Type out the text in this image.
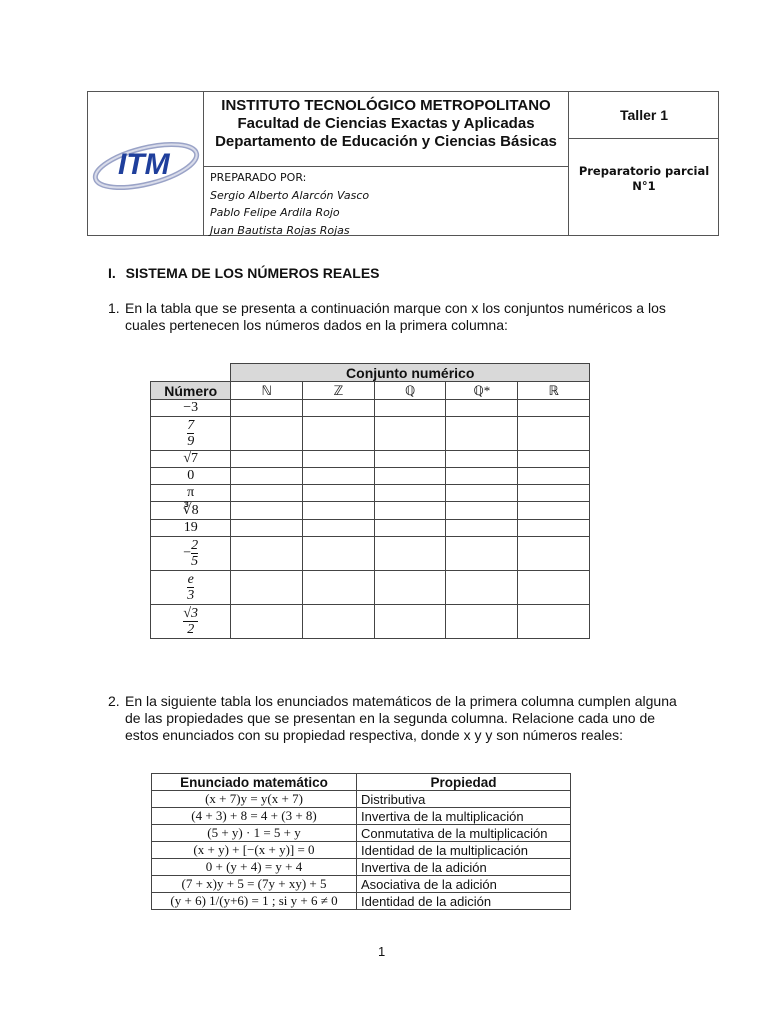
ITM
INSTITUTO TECNOLÓGICO METROPOLITANO
Facultad de Ciencias Exactas y Aplicadas
Departamento de Educación y Ciencias Básicas
PREPARADO POR:
Sergio Alberto Alarcón Vasco
Pablo Felipe Ardila Rojo
Juan Bautista Rojas Rojas
Taller 1
Preparatorio parcial
N°1
I. SISTEMA DE LOS NÚMEROS REALES
1. En la tabla que se presenta a continuación marque con x los conjuntos numéricos a los
cuales pertenecen los números dados en la primera columna:
	Conjunto numérico				
Número	ℕ	ℤ	ℚ	ℚ*	ℝ
−3					

$\frac{7}{9}$

√7					
0					
π					
∛8					
19					
− $\frac{2}{5}$

$\frac{e}{3}$

$\frac{√3}{2}$

2. En la siguiente tabla los enunciados matemáticos de la primera columna cumplen alguna
de las propiedades que se presentan en la segunda columna. Relacione cada uno de
estos enunciados con su propiedad respectiva, donde x y y son números reales:
Enunciado matemático	Propiedad
(x + 7)y = y(x + 7)	Distributiva
(4 + 3) + 8 = 4 + (3 + 8)	Invertiva de la multiplicación
(5 + y) · 1 = 5 + y	Conmutativa de la multiplicación
(x + y) + [−(x + y)] = 0	Identidad de la multiplicación
0 + (y + 4) = y + 4	Invertiva de la adición
(7 + x)y + 5 = (7y + xy) + 5	Asociativa de la adición
(y + 6) 1/(y+6) = 1 ; si y + 6 ≠ 0	Identidad de la adición
1
